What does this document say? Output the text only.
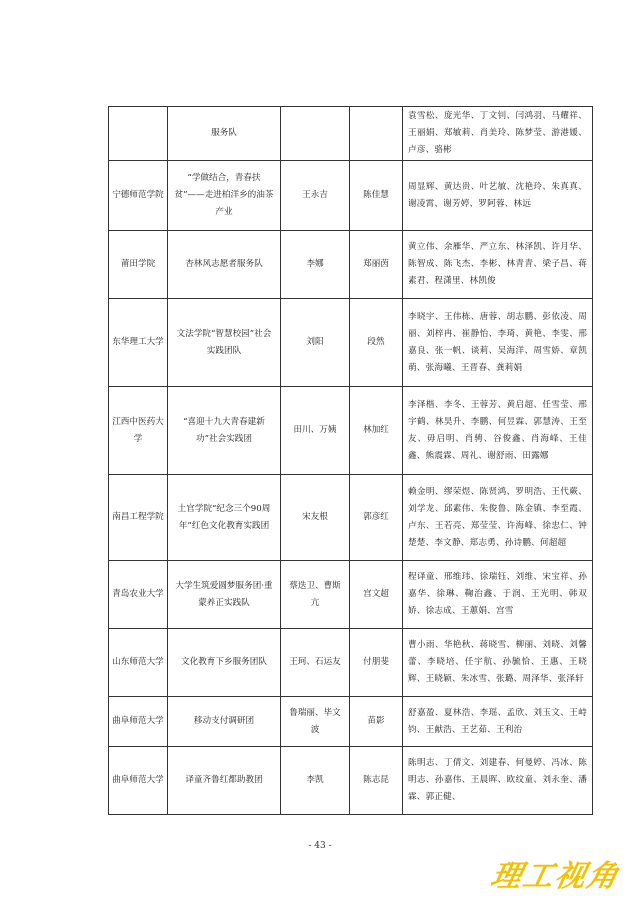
	服务队			袁雪松、庞光华、丁文钊、闫鸿羽、马耀祥、王丽娟、郑敏莉、肖美玲、陈梦莹、游港媛、卢彦、骆彬
宁德师范学院	“学做结合，青春扶贫”——走进柏洋乡的油茶产业	王永吉	陈佳慧	周显辉、黄达贵、叶艺敏、沈艳玲、朱真真、谢凌霄、谢芳婷、罗阿蓉、林远
莆田学院	杏林风志愿者服务队	李娜	郑丽茵	黄立伟、余雁华、严立东、林泽凯、许月华、陈智成、陈飞杰、李彬、林青青、梁子昌、蒋素君、程潇里、林凯俊
东华理工大学	文法学院“智慧校园”社会实践团队	刘阳	段然	李晓宇、王伟栋、唐蓉、胡志鹏、彭依凌、周丽、刘梓冉、崔静怡、李琦、黄艳、李雯、邢嘉良、张一帆、谈莉、吴海洋、周雪娇、章凯萌、张海曦、王晋春、龚莉娟
江西中医药大学	“喜迎十九大青春建新功”社会实践团	田川、万姨	林加红	李泽楷、李冬、王蓉芳、黄启超、任雪莹、邢宇鹤、林昊升、李鹏、何昱霖、郭慧涛、王至友、毋启明、肖骋、谷俊鑫、肖海峰、王佳鑫、熊震霖、周礼、谢舒雨、田露娜
南昌工程学院	土官学院“纪念三个90周年”红色文化教育实践团	宋友根	郭彦红	赖金明、缪荣煜、陈贤鸿、罗明浩、王代蕨、刘学龙、邱素伟、朱俊鲁、陈金镇、李至霞、卢东、王若亮、郑莹莹、许海峰、徐忠仁、钟楚楚、李文静、郑志勇、孙诗鹏、何超超
青岛农业大学	大学生筑爱圆梦服务团·重蒙养正实践队	蔡迭卫、曹斯亢	宫文超	程译童、邢维玮、徐瑞钰、刘维、宋宝祥、孙嘉华、徐琳、鞠治鑫、于润、王光明、韩双娇、徐志成、王蕙娟、宫雪
山东师范大学	文化教育下乡服务团队	王珂、石运友	付朋斐	曹小雨、华艳秋、蒋晓雪、柳丽、刘晓、刘馨蕾、李晓培、任宇航、孙毓恰、王惠、王晓辉、王晓颖、朱冰雪、张璐、周泽华、张泽轩
曲阜师范大学	移动支付调研团	鲁瑞丽、毕文波	苗影	舒嘉盈、夏林浩、李瑶、孟欣、刘玉文、王峙钧、王献浩、王艺茹、王利治
曲阜师范大学	译童齐鲁红都助教团	李凯	陈志昆	陈明志、丁倩文、刘建春、何曼婷、冯冰、陈明志、孙嘉伟、王晨晖、欧纹童、刘永奎、潘霖、郭正健、
- 43 -
理工视角
